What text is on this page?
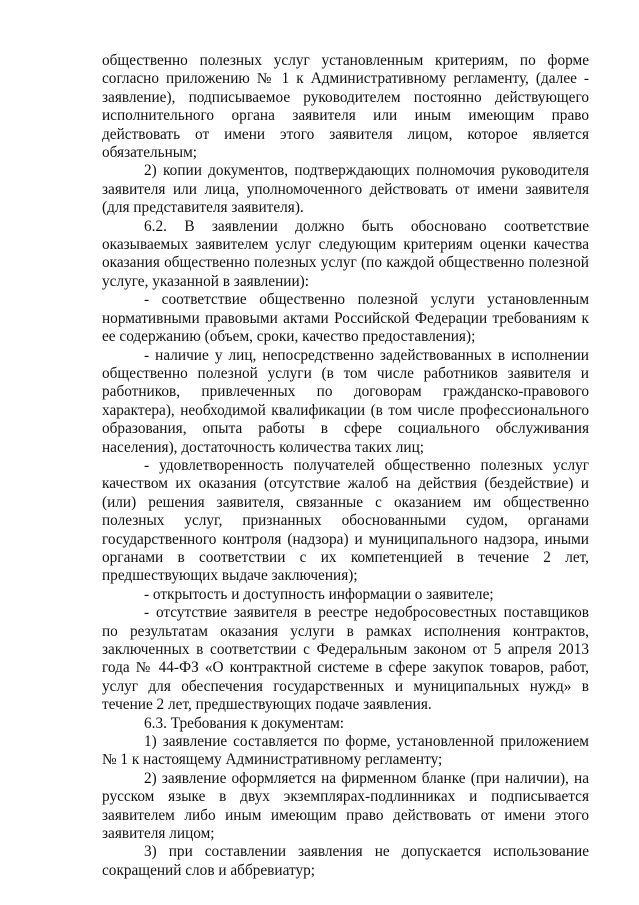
общественно полезных услуг установленным критериям, по форме согласно приложению № 1 к Административному регламенту, (далее - заявление), подписываемое руководителем постоянно действующего исполнительного органа заявителя или иным имеющим право действовать от имени этого заявителя лицом, которое является обязательным;

2) копии документов, подтверждающих полномочия руководителя заявителя или лица, уполномоченного действовать от имени заявителя (для представителя заявителя).

6.2. В заявлении должно быть обосновано соответствие оказываемых заявителем услуг следующим критериям оценки качества оказания общественно полезных услуг (по каждой общественно полезной услуге, указанной в заявлении):

- соответствие общественно полезной услуги установленным нормативными правовыми актами Российской Федерации требованиям к ее содержанию (объем, сроки, качество предоставления);

- наличие у лиц, непосредственно задействованных в исполнении общественно полезной услуги (в том числе работников заявителя и работников, привлеченных по договорам гражданско-правового характера), необходимой квалификации (в том числе профессионального образования, опыта работы в сфере социального обслуживания населения), достаточность количества таких лиц;

- удовлетворенность получателей общественно полезных услуг качеством их оказания (отсутствие жалоб на действия (бездействие) и (или) решения заявителя, связанные с оказанием им общественно полезных услуг, признанных обоснованными судом, органами государственного контроля (надзора) и муниципального надзора, иными органами в соответствии с их компетенцией в течение 2 лет, предшествующих выдаче заключения);

- открытость и доступность информации о заявителе;

- отсутствие заявителя в реестре недобросовестных поставщиков по результатам оказания услуги в рамках исполнения контрактов, заключенных в соответствии с Федеральным законом от 5 апреля 2013 года № 44-ФЗ «О контрактной системе в сфере закупок товаров, работ, услуг для обеспечения государственных и муниципальных нужд» в течение 2 лет, предшествующих подаче заявления.

6.3. Требования к документам:

1) заявление составляется по форме, установленной приложением № 1 к настоящему Административному регламенту;

2) заявление оформляется на фирменном бланке (при наличии), на русском языке в двух экземплярах-подлинниках и подписывается заявителем либо иным имеющим право действовать от имени этого заявителя лицом;

3) при составлении заявления не допускается использование сокращений слов и аббревиатур;
